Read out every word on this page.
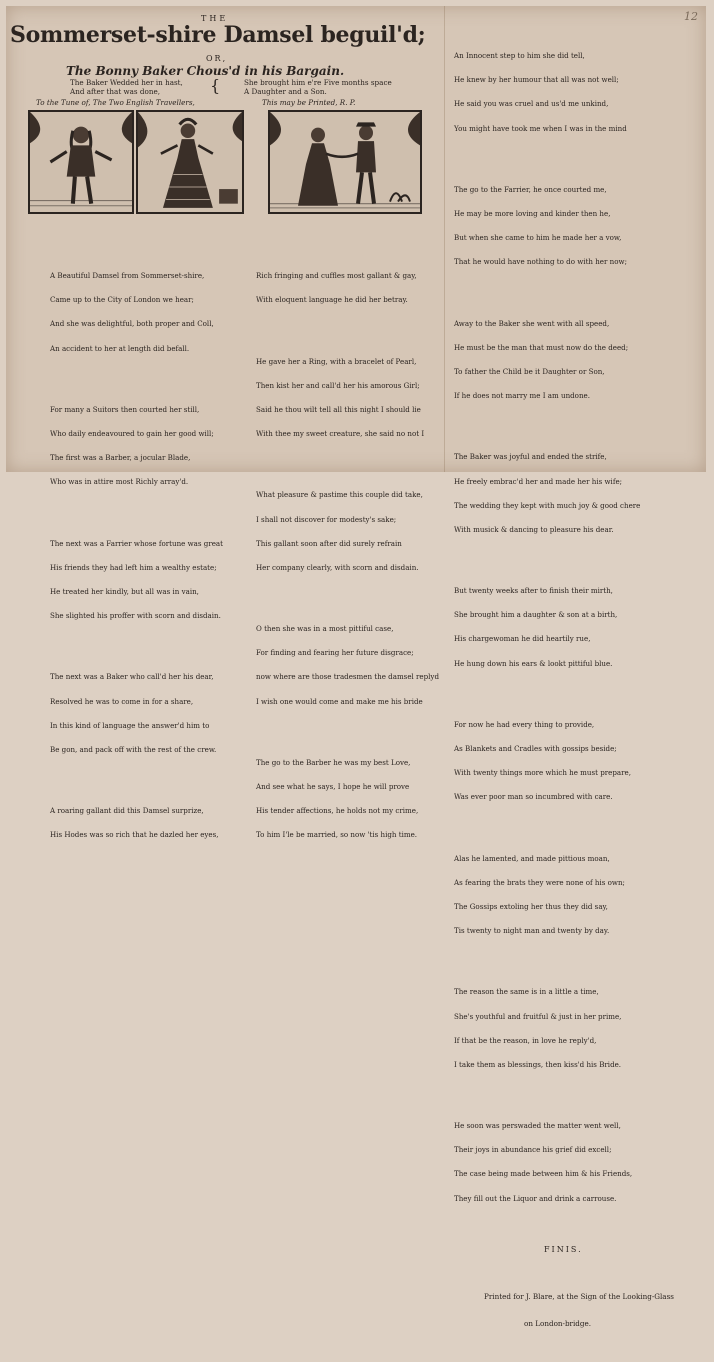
12
THE
Sommerset-shire Damsel beguil'd;
OR,
The Bonny Baker Chous'd in his Bargain.
The Baker Wedded her in hast,
And after that was done,	{	She brought him e're Five months space
A Daughter and a Son.
To the Tune of, The Two English Travellers,	This may be Printed, R. P.

A Beautiful Damsel from Sommerset-shire,

Came up to the City of London we hear;

And she was delightful, both proper and Coll,

An accident to her at length did befall.

For many a Suitors then courted her still,

Who daily endeavoured to gain her good will;

The first was a Barber, a jocular Blade,

Who was in attire most Richly array'd.

The next was a Farrier whose fortune was great

His friends they had left him a wealthy estate;

He treated her kindly, but all was in vain,

She slighted his proffer with scorn and disdain.

The next was a Baker who call'd her his dear,

Resolved he was to come in for a share,

In this kind of language the answer'd him to

Be gon, and pack off with the rest of the crew.

A roaring gallant did this Damsel surprize,

His Hodes was so rich that he dazled her eyes,

Rich fringing and cuffles most gallant & gay,

With eloquent language he did her betray.

He gave her a Ring, with a bracelet of Pearl,

Then kist her and call'd her his amorous Girl;

Said he thou wilt tell all this night I should lie

With thee my sweet creature, she said no not I

What pleasure & pastime this couple did take,

I shall not discover for modesty's sake;

This gallant soon after did surely refrain

Her company clearly, with scorn and disdain.

O then she was in a most pittiful case,

For finding and fearing her future disgrace;

now where are those tradesmen the damsel replyd

I wish one would come and make me his bride

The go to the Barber he was my best Love,

And see what he says, I hope he will prove

His tender affections, he holds not my crime,

To him I'le be married, so now 'tis high time.

An Innocent step to him she did tell,

He knew by her humour that all was not well;

He said you was cruel and us'd me unkind,

You might have took me when I was in the mind

The go to the Farrier, he once courted me,

He may be more loving and kinder then he,

But when she came to him he made her a vow,

That he would have nothing to do with her now;

Away to the Baker she went with all speed,

He must be the man that must now do the deed;

To father the Child be it Daughter or Son,

If he does not marry me I am undone.

The Baker was joyful and ended the strife,

He freely embrac'd her and made her his wife;

The wedding they kept with much joy & good chere

With musick & dancing to pleasure his dear.

But twenty weeks after to finish their mirth,

She brought him a daughter & son at a birth,

His chargewoman he did heartily rue,

He hung down his ears & lookt pittiful blue.

For now he had every thing to provide,

As Blankets and Cradles with gossips beside;

With twenty things more which he must prepare,

Was ever poor man so incumbred with care.

Alas he lamented, and made pittious moan,

As fearing the brats they were none of his own;

The Gossips extoling her thus they did say,

Tis twenty to night man and twenty by day.

The reason the same is in a little a time,

She's youthful and fruitful & just in her prime,

If that be the reason, in love he reply'd,

I take them as blessings, then kiss'd his Bride.

He soon was perswaded the matter went well,

Their joys in abundance his grief did excell;

The case being made between him & his Friends,

They fill out the Liquor and drink a carrouse.

FINIS.

Printed for J. Blare, at the Sign of the Looking-Glass

on London-bridge.
